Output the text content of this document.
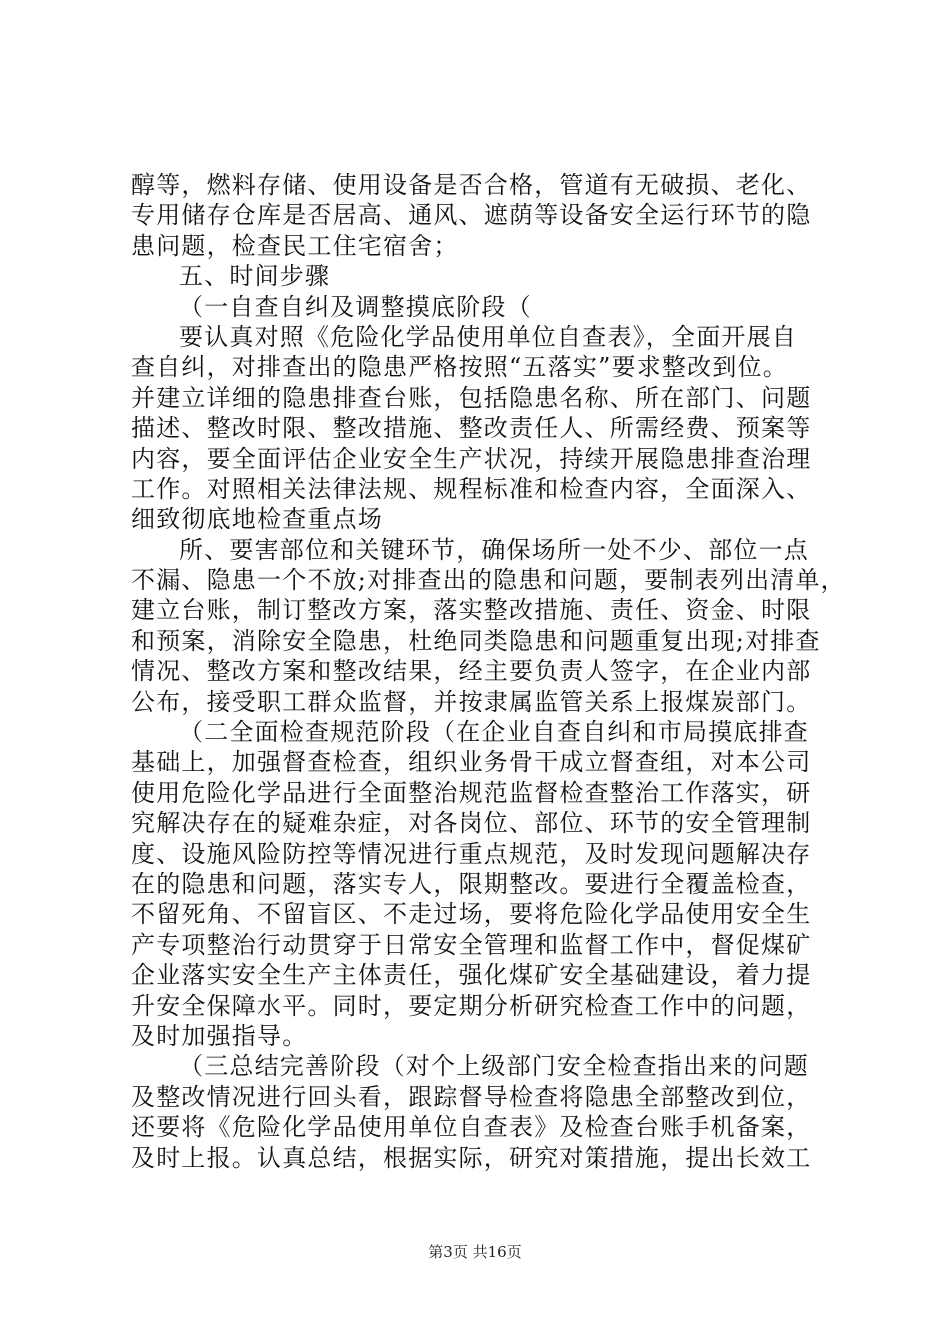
醇等，燃料存储、使用设备是否合格，管道有无破损、老化、
专用储存仓库是否居高、通风、遮荫等设备安全运行环节的隐
患问题，检查民工住宅宿舍；
五、时间步骤
（一自查自纠及调整摸底阶段（
要认真对照《危险化学品使用单位自查表》，全面开展自
查自纠，对排查出的隐患严格按照“五落实”要求整改到位。
并建立详细的隐患排查台账，包括隐患名称、所在部门、问题
描述、整改时限、整改措施、整改责任人、所需经费、预案等
内容，要全面评估企业安全生产状况，持续开展隐患排查治理
工作。对照相关法律法规、规程标准和检查内容，全面深入、
细致彻底地检查重点场
所、要害部位和关键环节，确保场所一处不少、部位一点
不漏、隐患一个不放;对排查出的隐患和问题，要制表列出清单，
建立台账，制订整改方案，落实整改措施、责任、资金、时限
和预案，消除安全隐患，杜绝同类隐患和问题重复出现;对排查
情况、整改方案和整改结果，经主要负责人签字，在企业内部
公布，接受职工群众监督，并按隶属监管关系上报煤炭部门。
（二全面检查规范阶段（在企业自查自纠和市局摸底排查
基础上，加强督查检查，组织业务骨干成立督查组，对本公司
使用危险化学品进行全面整治规范监督检查整治工作落实，研
究解决存在的疑难杂症，对各岗位、部位、环节的安全管理制
度、设施风险防控等情况进行重点规范，及时发现问题解决存
在的隐患和问题，落实专人，限期整改。要进行全覆盖检查，
不留死角、不留盲区、不走过场，要将危险化学品使用安全生
产专项整治行动贯穿于日常安全管理和监督工作中，督促煤矿
企业落实安全生产主体责任，强化煤矿安全基础建设，着力提
升安全保障水平。同时，要定期分析研究检查工作中的问题，
及时加强指导。
（三总结完善阶段（对个上级部门安全检查指出来的问题
及整改情况进行回头看，跟踪督导检查将隐患全部整改到位，
还要将《危险化学品使用单位自查表》及检查台账手机备案，
及时上报。认真总结，根据实际，研究对策措施，提出长效工
第3页 共16页
